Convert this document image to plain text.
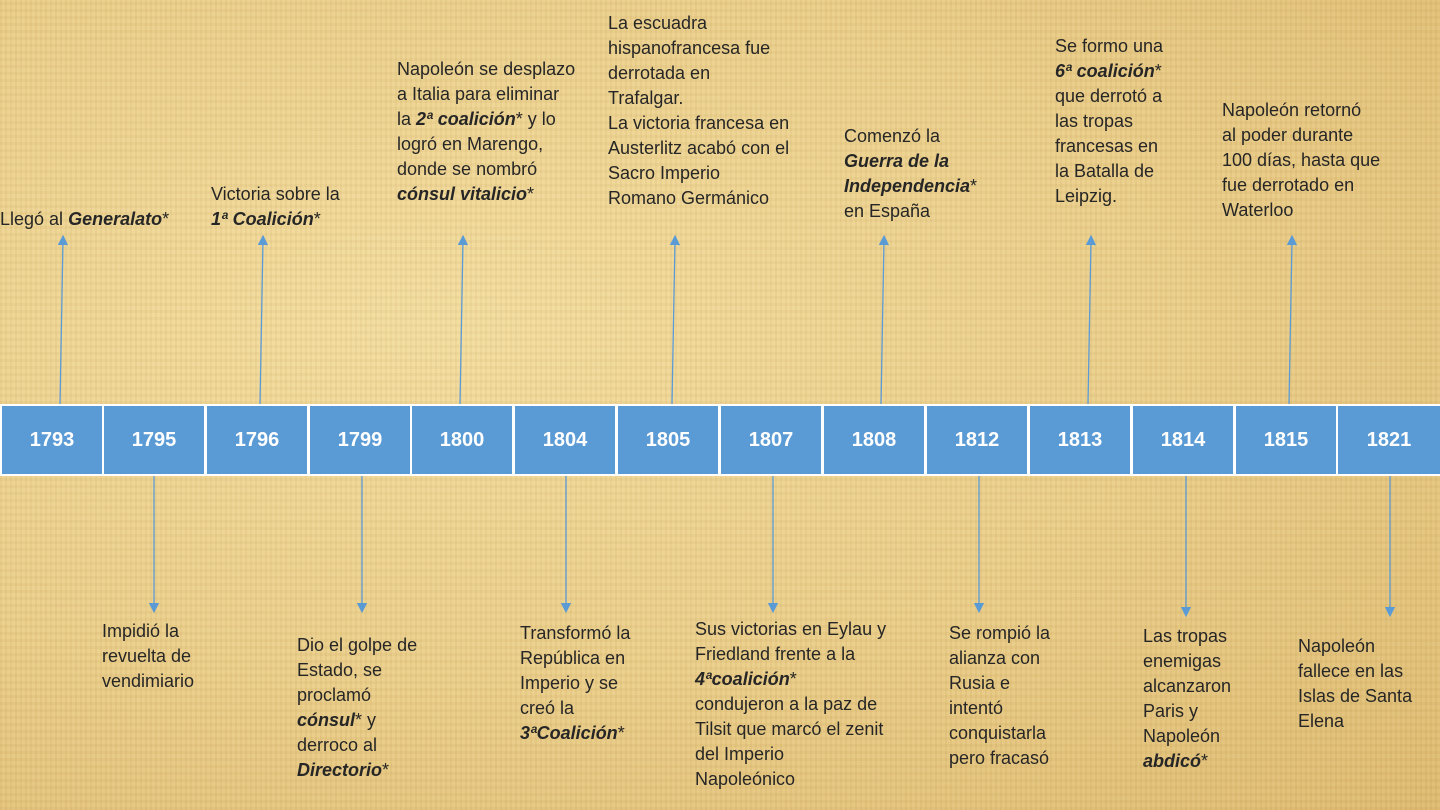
1793	1795	1796	1799	1800	1804	1805	1807	1808	1812	1813	1814	1815	1821
Llegó al Generalato*
Impidió la
revuelta de
vendimiario
Victoria sobre la
1ª Coalición*
Dio el golpe de
Estado, se
proclamó
cónsul* y
derroco al
Directorio*
Napoleón se desplazo
a Italia para eliminar
la 2ª coalición* y lo
logró en Marengo,
donde se nombró
cónsul vitalicio*
Transformó la
República en
Imperio y se
creó la
3ªCoalición*
La escuadra
hispanofrancesa fue
derrotada en
Trafalgar.
La victoria francesa en
Austerlitz acabó con el
Sacro Imperio
Romano Germánico
Sus victorias en Eylau y
Friedland frente a la
4ªcoalición*
condujeron a la paz de
Tilsit que marcó el zenit
del Imperio
Napoleónico
Comenzó la
Guerra de la
Independencia*
en España
Se rompió la
alianza con
Rusia e
intentó
conquistarla
pero fracasó
Se formo una
6ª coalición*
que derrotó a
las tropas
francesas en
la Batalla de
Leipzig.
Las tropas
enemigas
alcanzaron
Paris y
Napoleón
abdicó*
Napoleón retornó
al poder durante
100 días, hasta que
fue derrotado en
Waterloo
Napoleón
fallece en las
Islas de Santa
Elena
